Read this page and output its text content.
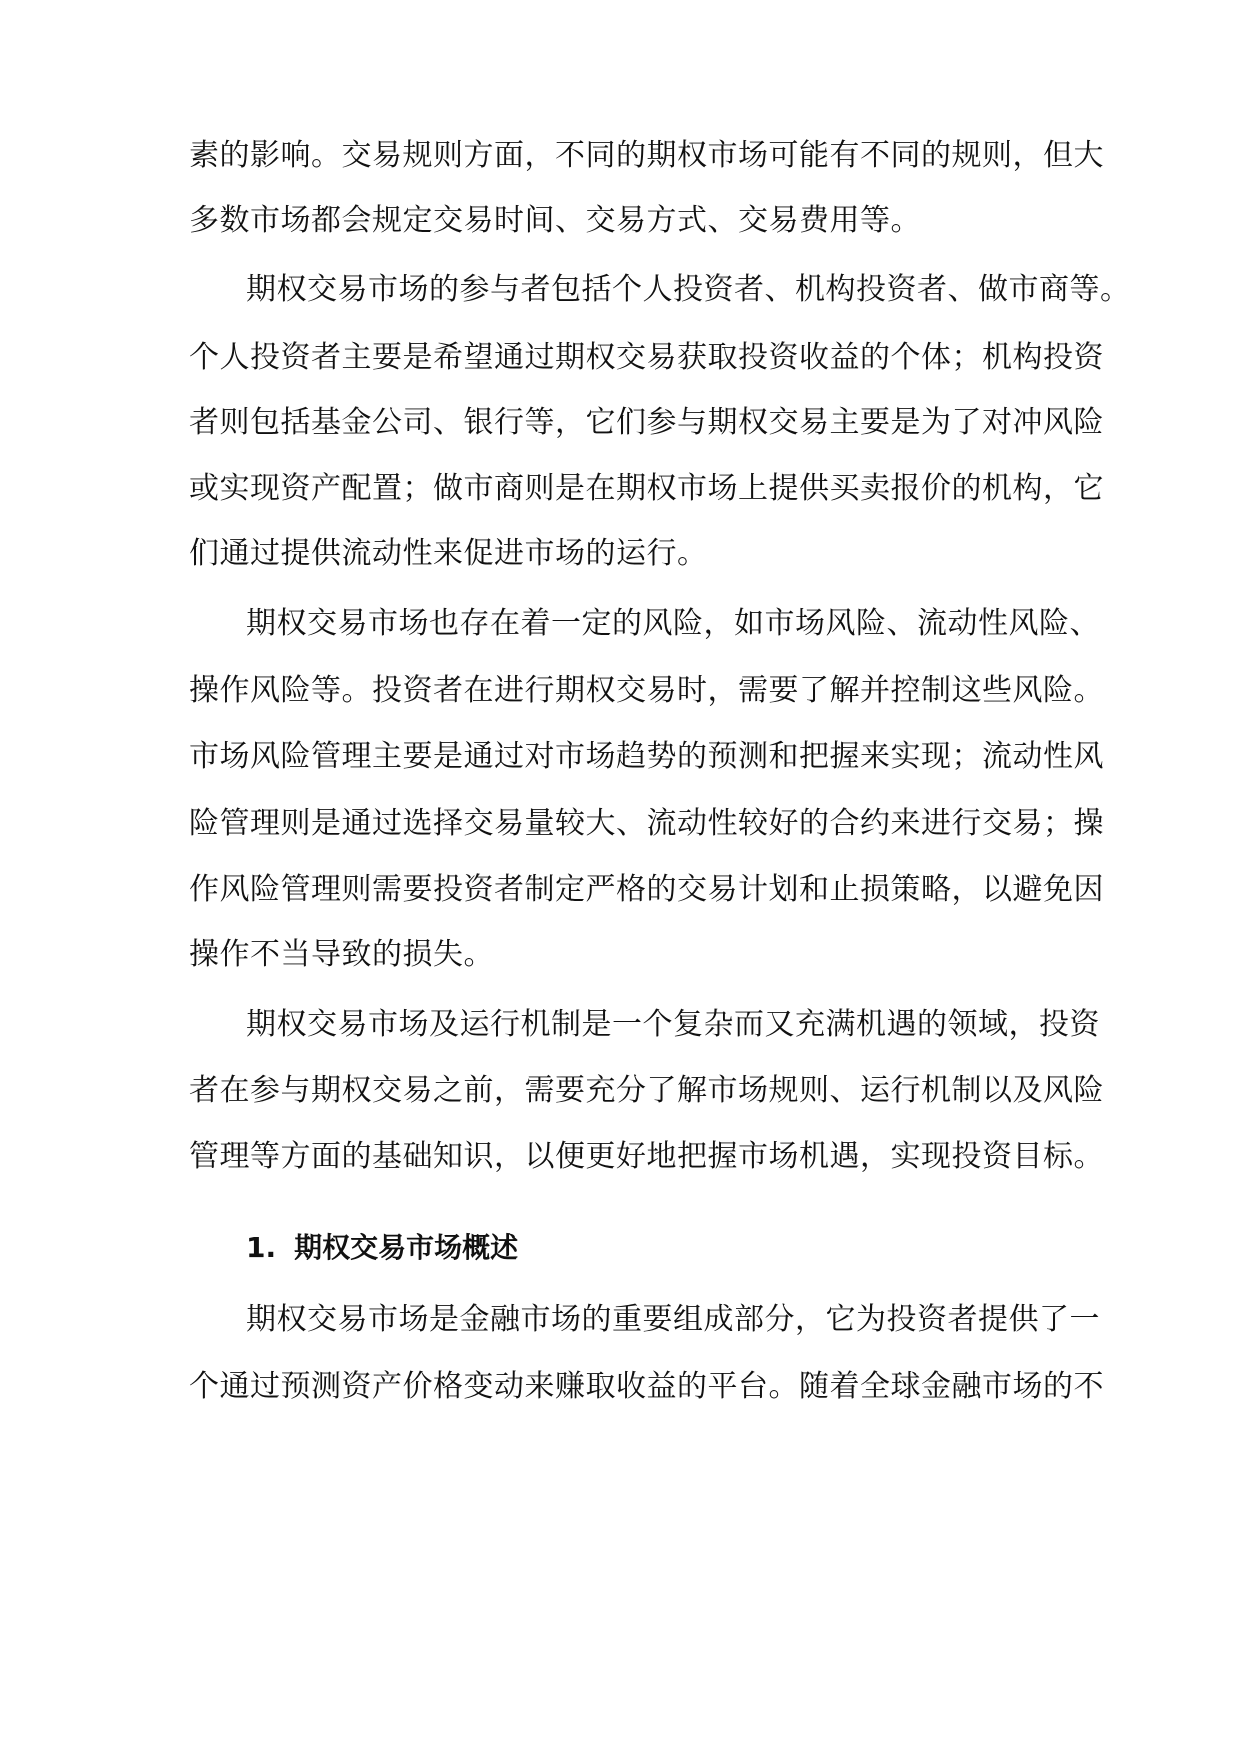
素的影响。交易规则方面，不同的期权市场可能有不同的规则，但大
多数市场都会规定交易时间、交易方式、交易费用等。
期权交易市场的参与者包括个人投资者、机构投资者、做市商等。
个人投资者主要是希望通过期权交易获取投资收益的个体；机构投资
者则包括基金公司、银行等，它们参与期权交易主要是为了对冲风险
或实现资产配置；做市商则是在期权市场上提供买卖报价的机构，它
们通过提供流动性来促进市场的运行。
期权交易市场也存在着一定的风险，如市场风险、流动性风险、
操作风险等。投资者在进行期权交易时，需要了解并控制这些风险。
市场风险管理主要是通过对市场趋势的预测和把握来实现；流动性风
险管理则是通过选择交易量较大、流动性较好的合约来进行交易；操
作风险管理则需要投资者制定严格的交易计划和止损策略，以避免因
操作不当导致的损失。
期权交易市场及运行机制是一个复杂而又充满机遇的领域，投资
者在参与期权交易之前，需要充分了解市场规则、运行机制以及风险
管理等方面的基础知识，以便更好地把握市场机遇，实现投资目标。
1. 期权交易市场概述
期权交易市场是金融市场的重要组成部分，它为投资者提供了一
个通过预测资产价格变动来赚取收益的平台。随着全球金融市场的不
